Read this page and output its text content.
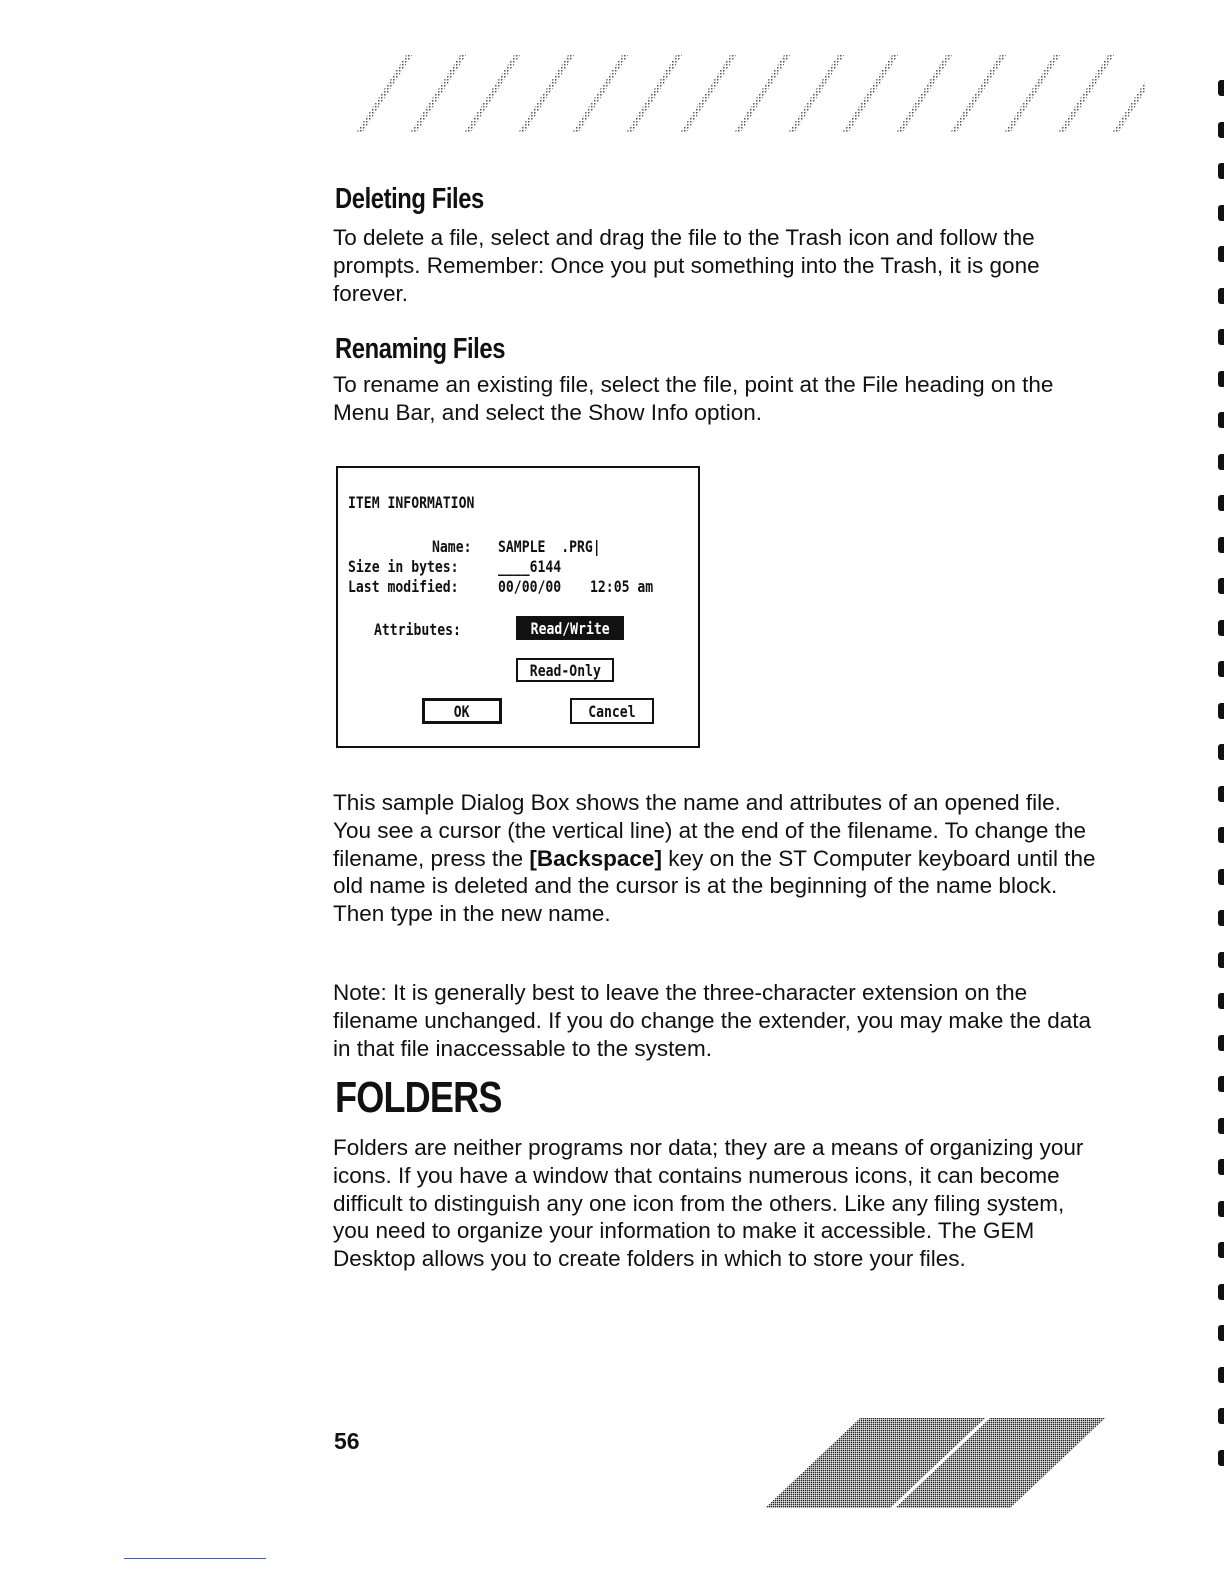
Deleting Files

To delete a file, select and drag the file to the Trash icon and follow the prompts. Remember: Once you put something into the Trash, it is gone forever.

Renaming Files

To rename an existing file, select the file, point at the File heading on the Menu Bar, and select the Show Info option.

ITEM INFORMATION
Name: SAMPLE  .PRG|
Size in bytes: ____6144
Last modified: 00/00/00 12:05 am
Attributes:	Read/Write
Read-Only
OK	Cancel

This sample Dialog Box shows the name and attributes of an opened file. You see a cursor (the vertical line) at the end of the filename. To change the filename, press the [Backspace] key on the ST Computer keyboard until the old name is deleted and the cursor is at the beginning of the name block. Then type in the new name.

Note: It is generally best to leave the three-character extension on the filename unchanged. If you do change the extender, you may make the data in that file inaccessable to the system.

FOLDERS

Folders are neither programs nor data; they are a means of organizing your icons. If you have a window that contains numerous icons, it can become difficult to distinguish any one icon from the others. Like any filing system, you need to organize your information to make it accessible. The GEM Desktop allows you to create folders in which to store your files.

56
